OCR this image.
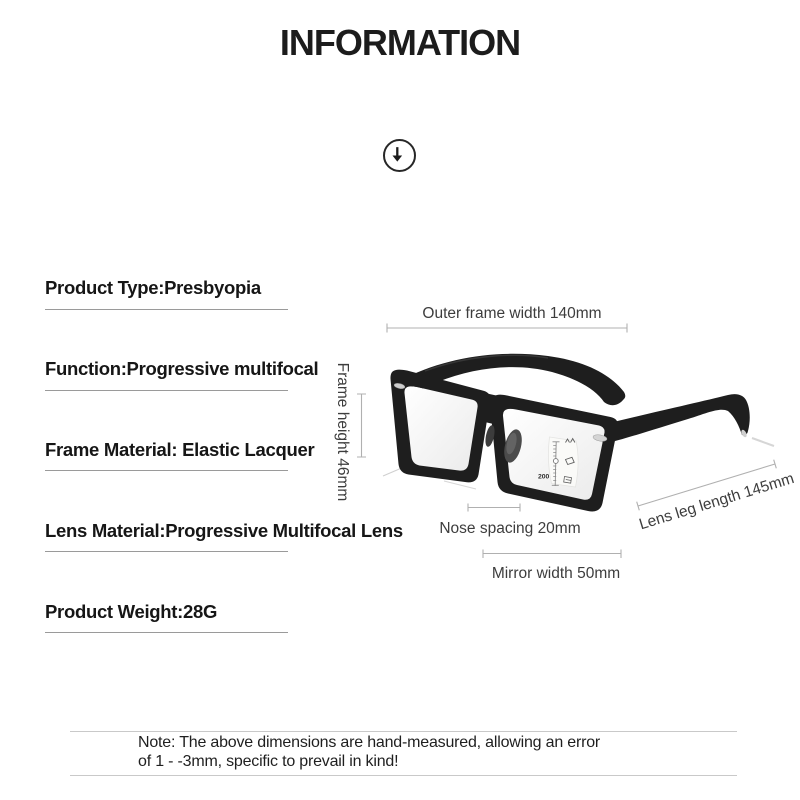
INFORMATION
Product Type:Presbyopia
Function:Progressive multifocal
Frame Material: Elastic Lacquer
Lens Material:Progressive Multifocal Lens
Product Weight:28G
200
Outer frame width 140mm
Frame height 46mm
Nose spacing 20mm
Mirror width 50mm
Lens leg length 145mm
Note: The above dimensions are hand-measured, allowing an error
of 1 - -3mm, specific to prevail in kind!
